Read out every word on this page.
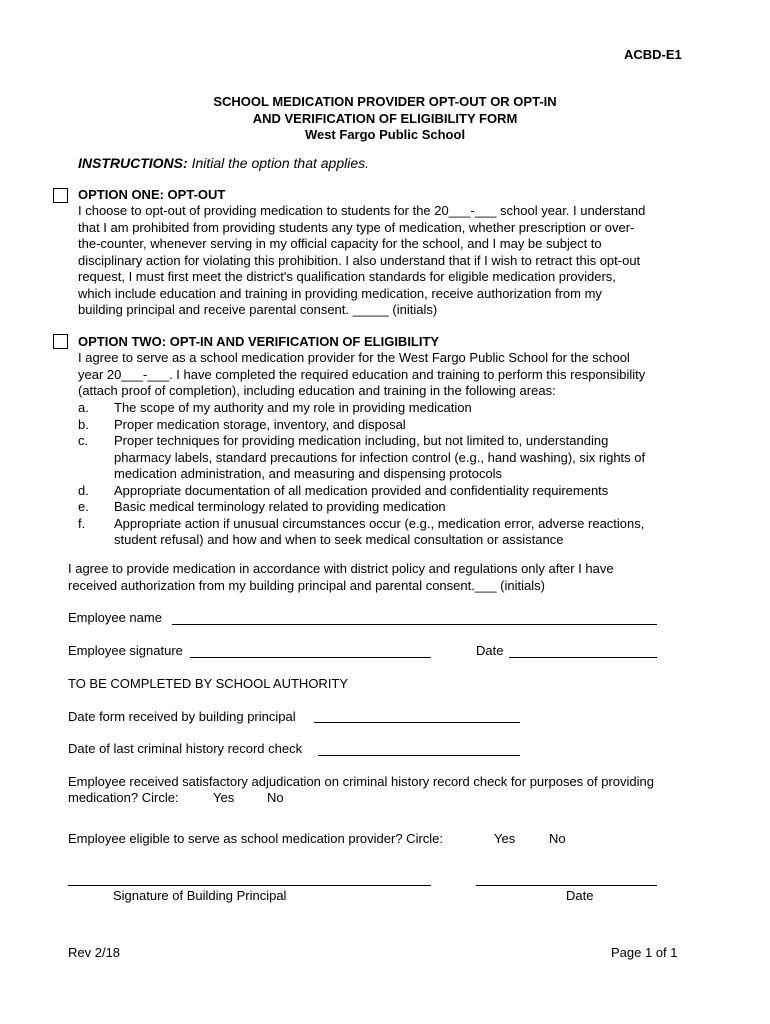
ACBD-E1
SCHOOL MEDICATION PROVIDER OPT-OUT OR OPT-IN
AND VERIFICATION OF ELIGIBILITY FORM
West Fargo Public School
INSTRUCTIONS: Initial the option that applies.
OPTION ONE: OPT-OUT
I choose to opt-out of providing medication to students for the 20___-___ school year. I understand
that I am prohibited from providing students any type of medication, whether prescription or over-
the-counter, whenever serving in my official capacity for the school, and I may be subject to
disciplinary action for violating this prohibition. I also understand that if I wish to retract this opt-out
request, I must first meet the district's qualification standards for eligible medication providers,
which include education and training in providing medication, receive authorization from my
building principal and receive parental consent. _____ (initials)
OPTION TWO: OPT-IN AND VERIFICATION OF ELIGIBILITY
I agree to serve as a school medication provider for the West Fargo Public School for the school
year 20___-___. I have completed the required education and training to perform this responsibility
(attach proof of completion), including education and training in the following areas:
a. The scope of my authority and my role in providing medication
b. Proper medication storage, inventory, and disposal
c. Proper techniques for providing medication including, but not limited to, understanding
pharmacy labels, standard precautions for infection control (e.g., hand washing), six rights of
medication administration, and measuring and dispensing protocols
d. Appropriate documentation of all medication provided and confidentiality requirements
e. Basic medical terminology related to providing medication
f. Appropriate action if unusual circumstances occur (e.g., medication error, adverse reactions,
student refusal) and how and when to seek medical consultation or assistance
I agree to provide medication in accordance with district policy and regulations only after I have
received authorization from my building principal and parental consent.___ (initials)
Employee name
Employee signature	Date
TO BE COMPLETED BY SCHOOL AUTHORITY
Date form received by building principal
Date of last criminal history record check
Employee received satisfactory adjudication on criminal history record check for purposes of providing
medication? Circle:	Yes	No
Employee eligible to serve as school medication provider? Circle:	Yes	No
Signature of Building Principal	Date
Rev 2/18	Page 1 of 1
